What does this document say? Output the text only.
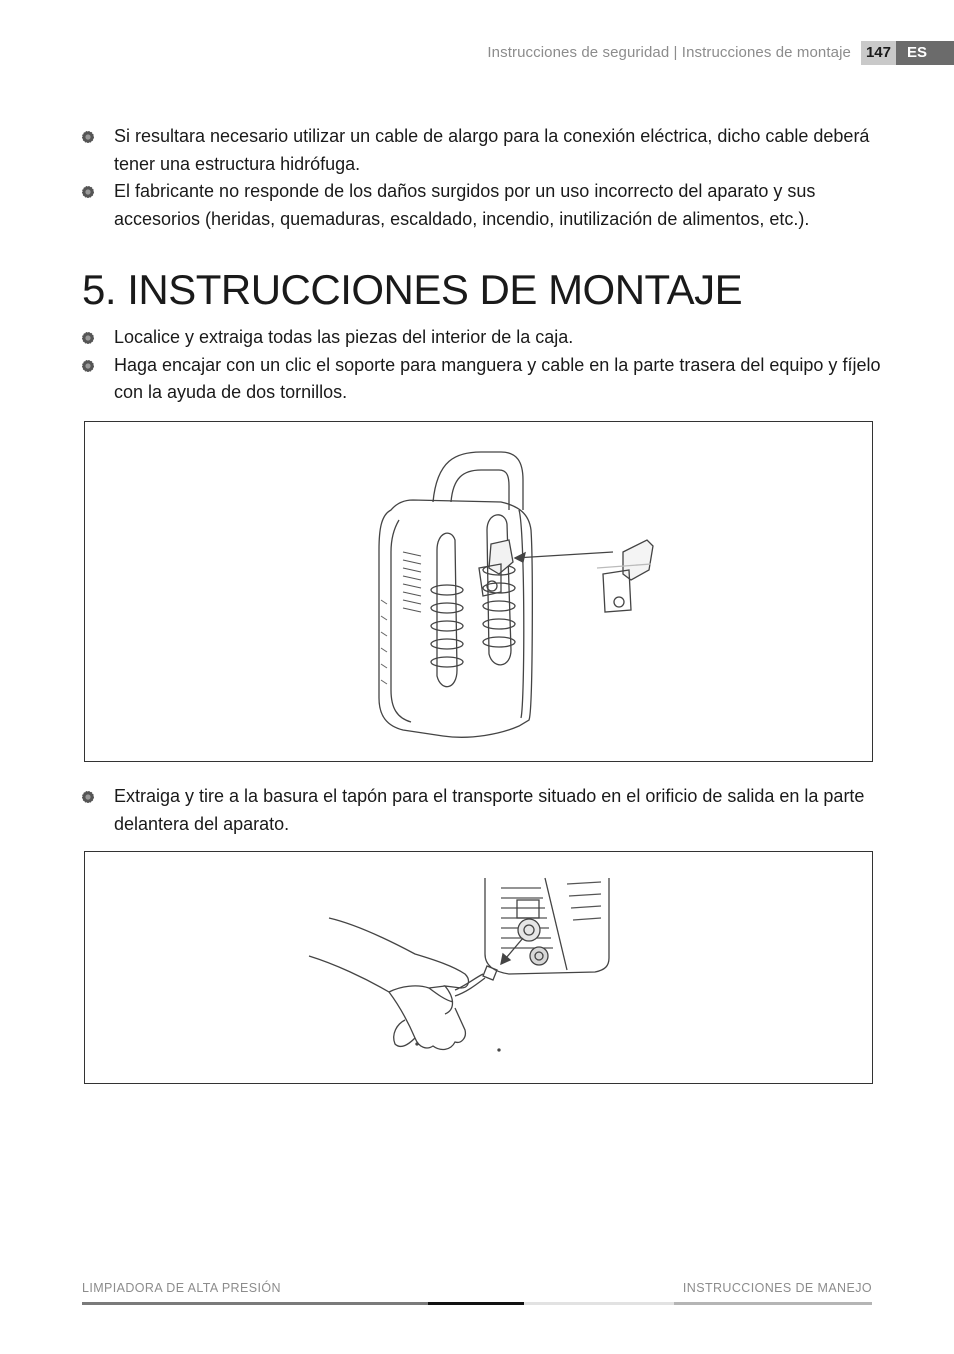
Instrucciones de seguridad | Instrucciones de montaje	147	ES
Si resultara necesario utilizar un cable de alargo para la conexión eléctrica, dicho cable deberá tener una estructura hidrófuga.
El fabricante no responde de los daños surgidos por un uso incorrecto del aparato y sus accesorios (heridas, quemaduras, escaldado, incendio, inutilización de alimentos, etc.).
5. INSTRUCCIONES DE MONTAJE
Localice y extraiga todas las piezas del interior de la caja.
Haga encajar con un clic el soporte para manguera y cable en la parte trasera del equipo y fíjelo con la ayuda de dos tornillos.
Extraiga y tire a la basura el tapón para el transporte situado en el orificio de salida en la parte delantera del aparato.
LIMPIADORA DE ALTA PRESIÓN	INSTRUCCIONES DE MANEJO
